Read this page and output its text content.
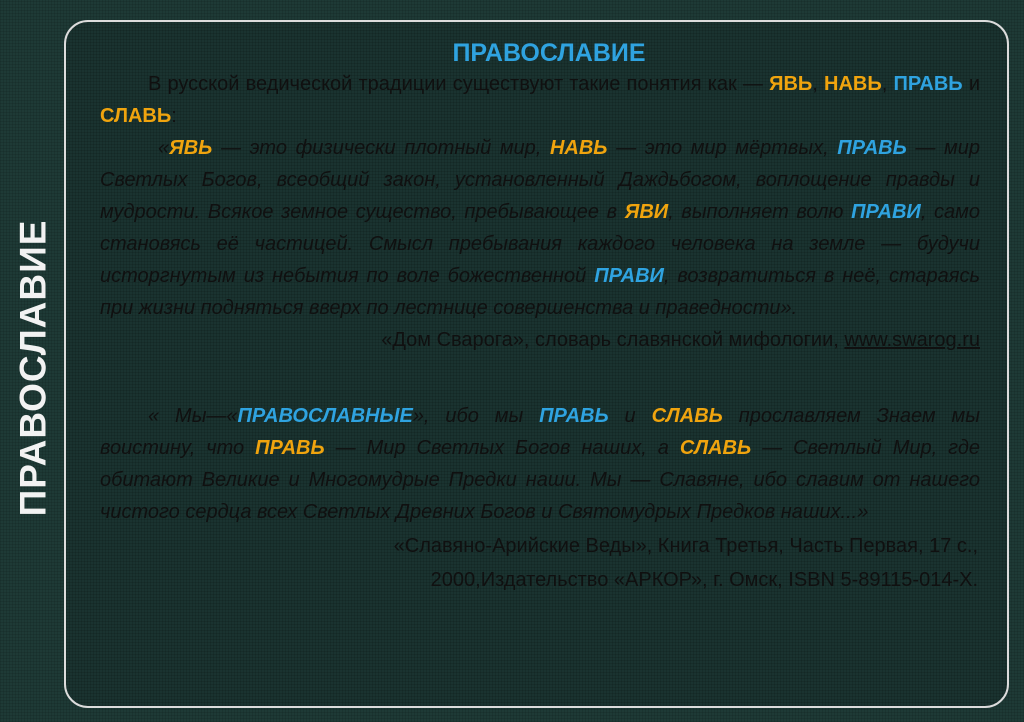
ПРАВОСЛАВИЕ
ПРАВОСЛАВИЕ

В русской ведической традиции существуют такие понятия как — ЯВЬ, НАВЬ, ПРАВЬ и СЛАВЬ:

«ЯВЬ — это физически плотный мир, НАВЬ — это мир мёртвых, ПРАВЬ — мир Светлых Богов, всеобщий закон, установленный Даждьбогом, воплощение правды и мудрости. Всякое земное существо, пребывающее в ЯВИ, выполняет волю ПРАВИ, само становясь её частицей. Смысл пребывания каждого человека на земле — будучи исторгнутым из небытия по воле божественной ПРАВИ, возвратиться в неё, стараясь при жизни подняться вверх по лестнице совершенства и праведности».

«Дом Сварога», словарь славянской мифологии, www.swarog.ru

« Мы—«ПРАВОСЛАВНЫЕ», ибо мы ПРАВЬ и СЛАВЬ прославляем Знаем мы воистину, что ПРАВЬ — Мир Светлых Богов наших, а СЛАВЬ — Светлый Мир, где обитают Великие и Многомудрые Предки наши. Мы — Славяне, ибо славим от нашего чистого сердца всех Светлых Древних Богов и Святомудрых Предков наших...»

«Славяно-Арийские Веды», Книга Третья, Часть Первая, 17 с.,

2000,Издательство «АРКОР», г. Омск, ISBN 5-89115-014-X.
